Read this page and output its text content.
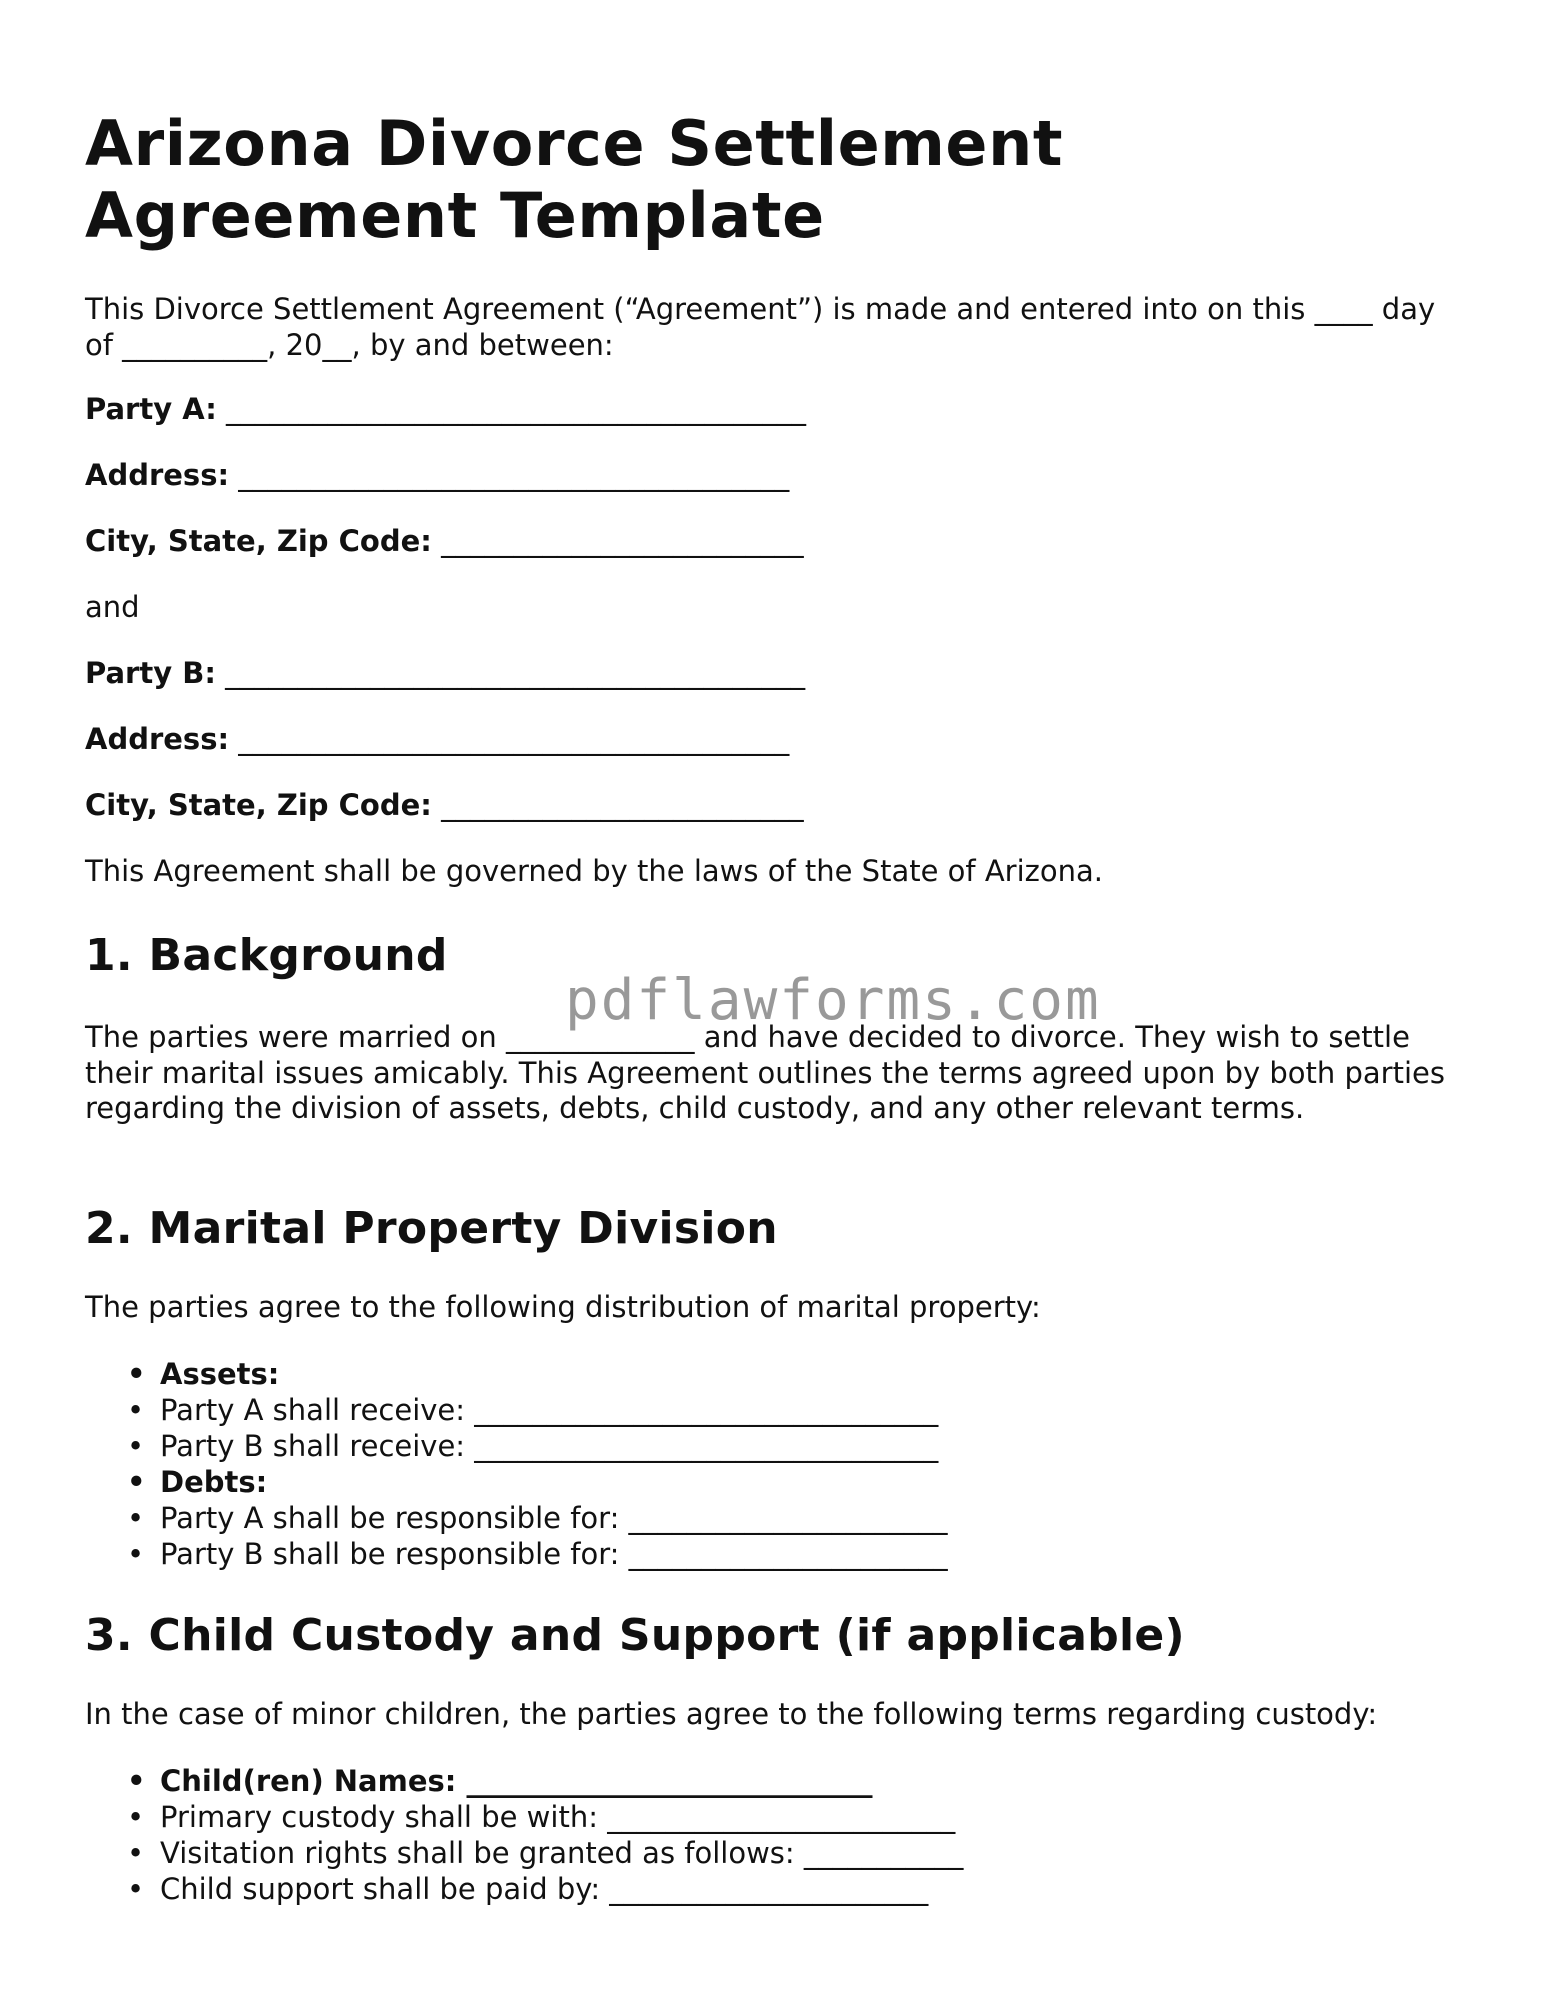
Arizona Divorce Settlement Agreement Template

This Divorce Settlement Agreement (“Agreement”) is made and entered into on this ____ day of __________, 20__, by and between:

Party A: ________________________________________

Address: ______________________________________

City, State, Zip Code: _________________________

and

Party B: ________________________________________

Address: ______________________________________

City, State, Zip Code: _________________________

This Agreement shall be governed by the laws of the State of Arizona.

1. Background

The parties were married on _____________ and have decided to divorce. They wish to settle their marital issues amicably. This Agreement outlines the terms agreed upon by both parties regarding the division of assets, debts, child custody, and any other relevant terms.

2. Marital Property Division

The parties agree to the following distribution of marital property:

• Assets:
• Party A shall receive: ________________________________
• Party B shall receive: ________________________________
• Debts:
• Party A shall be responsible for: ______________________
• Party B shall be responsible for: ______________________
3. Child Custody and Support (if applicable)

In the case of minor children, the parties agree to the following terms regarding custody:

• Child(ren) Names: ____________________________
• Primary custody shall be with: ________________________
• Visitation rights shall be granted as follows: ___________
• Child support shall be paid by: ______________________
pdflawforms.com
